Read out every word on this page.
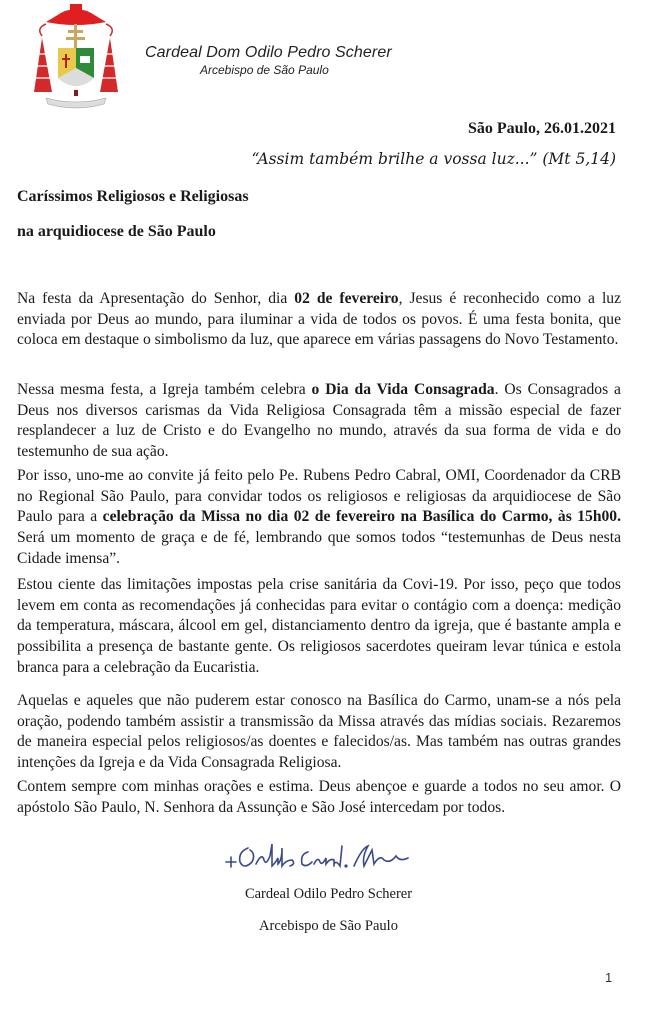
Cardeal Dom Odilo Pedro Scherer
Arcebispo de São Paulo
São Paulo, 26.01.2021
“Assim também brilhe a vossa luz...” (Mt 5,14)
Caríssimos Religiosos e Religiosas
na arquidiocese de São Paulo

Na festa da Apresentação do Senhor, dia 02 de fevereiro, Jesus é reconhecido como a luz enviada por Deus ao mundo, para iluminar a vida de todos os povos. É uma festa bonita, que coloca em destaque o simbolismo da luz, que aparece em várias passagens do Novo Testamento.

Nessa mesma festa, a Igreja também celebra o Dia da Vida Consagrada. Os Consagrados a Deus nos diversos carismas da Vida Religiosa Consagrada têm a missão especial de fazer resplandecer a luz de Cristo e do Evangelho no mundo, através da sua forma de vida e do testemunho de sua ação.

Por isso, uno-me ao convite já feito pelo Pe. Rubens Pedro Cabral, OMI, Coordenador da CRB no Regional São Paulo, para convidar todos os religiosos e religiosas da arquidiocese de São Paulo para a celebração da Missa no dia 02 de fevereiro na Basílica do Carmo, às 15h00. Será um momento de graça e de fé, lembrando que somos todos “testemunhas de Deus nesta Cidade imensa”.

Estou ciente das limitações impostas pela crise sanitária da Covi-19. Por isso, peço que todos levem em conta as recomendações já conhecidas para evitar o contágio com a doença: medição da temperatura, máscara, álcool em gel, distanciamento dentro da igreja, que é bastante ampla e possibilita a presença de bastante gente. Os religiosos sacerdotes queiram levar túnica e estola branca para a celebração da Eucaristia.

Aquelas e aqueles que não puderem estar conosco na Basílica do Carmo, unam-se a nós pela oração, podendo também assistir a transmissão da Missa através das mídias sociais. Rezaremos de maneira especial pelos religiosos/as doentes e falecidos/as. Mas também nas outras grandes intenções da Igreja e da Vida Consagrada Religiosa.

Contem sempre com minhas orações e estima. Deus abençoe e guarde a todos no seu amor. O apóstolo São Paulo, N. Senhora da Assunção e São José intercedam por todos.

Cardeal Odilo Pedro Scherer
Arcebispo de São Paulo
1
